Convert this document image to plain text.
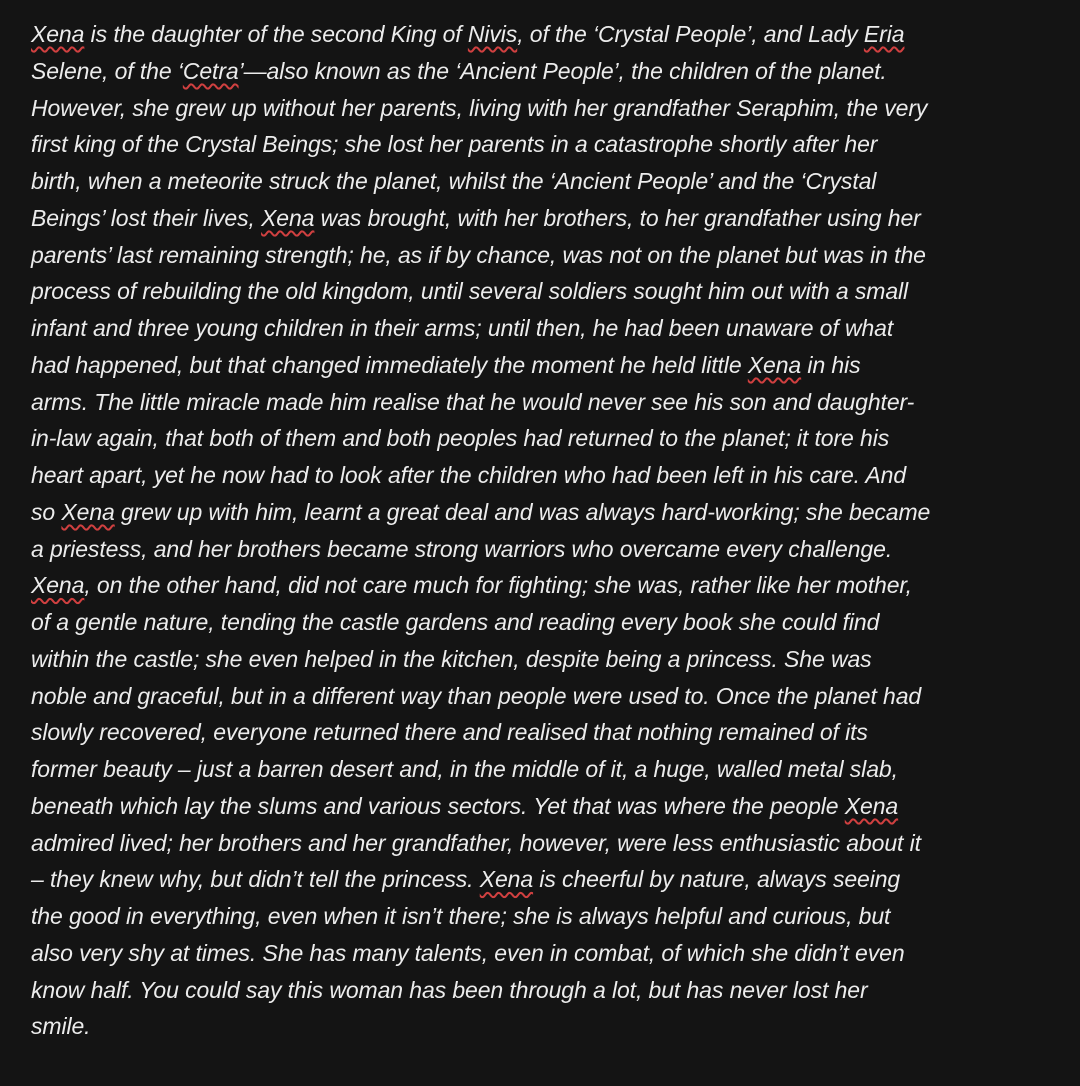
Xena is the daughter of the second King of Nivis, of the ‘Crystal People’, and Lady Eria
Selene, of the ‘Cetra’—also known as the ‘Ancient People’, the children of the planet.
However, she grew up without her parents, living with her grandfather Seraphim, the very
first king of the Crystal Beings; she lost her parents in a catastrophe shortly after her
birth, when a meteorite struck the planet, whilst the ‘Ancient People’ and the ‘Crystal
Beings’ lost their lives, Xena was brought, with her brothers, to her grandfather using her
parents’ last remaining strength; he, as if by chance, was not on the planet but was in the
process of rebuilding the old kingdom, until several soldiers sought him out with a small
infant and three young children in their arms; until then, he had been unaware of what
had happened, but that changed immediately the moment he held little Xena in his
arms. The little miracle made him realise that he would never see his son and daughter-
in-law again, that both of them and both peoples had returned to the planet; it tore his
heart apart, yet he now had to look after the children who had been left in his care. And
so Xena grew up with him, learnt a great deal and was always hard-working; she became
a priestess, and her brothers became strong warriors who overcame every challenge.
Xena, on the other hand, did not care much for fighting; she was, rather like her mother,
of a gentle nature, tending the castle gardens and reading every book she could find
within the castle; she even helped in the kitchen, despite being a princess. She was
noble and graceful, but in a different way than people were used to. Once the planet had
slowly recovered, everyone returned there and realised that nothing remained of its
former beauty – just a barren desert and, in the middle of it, a huge, walled metal slab,
beneath which lay the slums and various sectors. Yet that was where the people Xena
admired lived; her brothers and her grandfather, however, were less enthusiastic about it
– they knew why, but didn’t tell the princess. Xena is cheerful by nature, always seeing
the good in everything, even when it isn’t there; she is always helpful and curious, but
also very shy at times. She has many talents, even in combat, of which she didn’t even
know half. You could say this woman has been through a lot, but has never lost her
smile.
